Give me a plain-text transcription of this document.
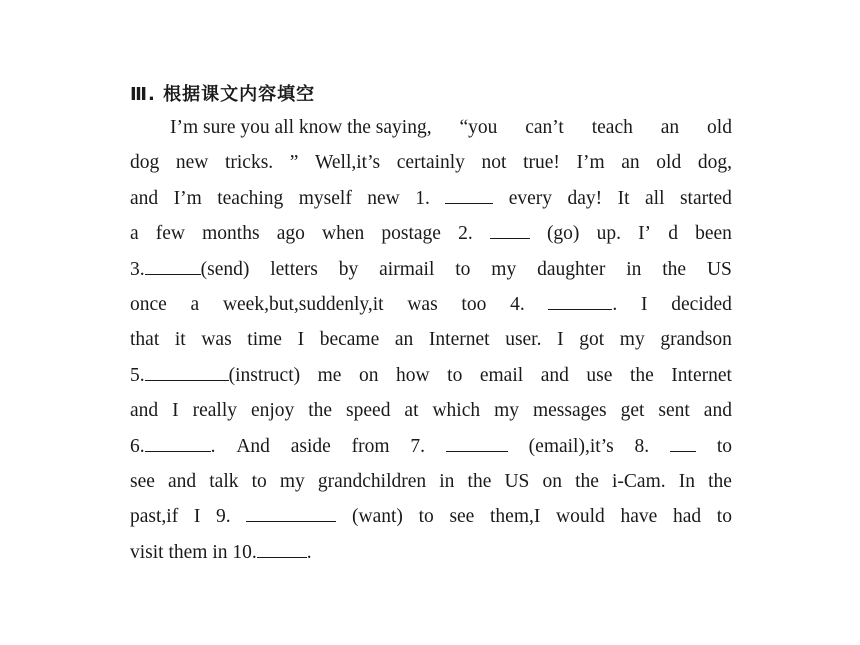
Ⅲ. 根据课文内容填空
I’m sure you all know the saying, “you can’t teach an old
dog new tricks. ” Well,it’s certainly not true! I’m an old dog,
and I’m teaching myself new 1.	every day! It all started
a few months ago when postage 2.	(go) up. I’ d been
3.	(send) letters by airmail to my daughter in the US
once a week,but,suddenly,it was too 4.	. I decided
that it was time I became an Internet user. I got my grandson
5.	(instruct) me on how to email and use the Internet
and I really enjoy the speed at which my messages get sent and
6.	. And aside from 7.	(email),it’s 8.	to
see and talk to my grandchildren in the US on the i-Cam. In the
past,if I 9.	(want) to see them,I would have had to
visit them in 10.	.
